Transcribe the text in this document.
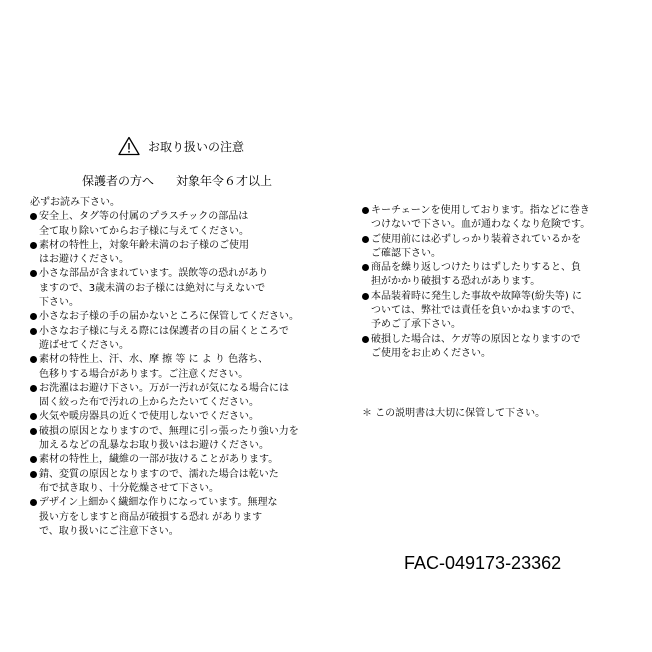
お取り扱いの注意
保護者の方へ 対象年令６才以上
必ずお読み下さい。
安全上、タグ等の付属のプラスチックの部品は
全て取り除いてからお子様に与えてください。
素材の特性上，対象年齢未満のお子様のご使用
はお避けください。
小さな部品が含まれています。誤飲等の恐れがあり
ますので、3歳未満のお子様には絶対に与えないで
下さい。
小さなお子様の手の届かないところに保管してください。
小さなお子様に与える際には保護者の目の届くところで
遊ばせてください。
素材の特性上、汗、水、摩 擦 等 に よ り 色落ち、
色移りする場合があります。ご注意ください。
お洗濯はお避け下さい。万が一汚れが気になる場合には
固く絞った布で汚れの上からたたいてください。
火気や暖房器具の近くで使用しないでください。
破損の原因となりますので、無理に引っ張ったり強い力を
加えるなどの乱暴なお取り扱いはお避けください。
素材の特性上，繊維の一部が抜けることがあります。
錆、変質の原因となりますので、濡れた場合は乾いた
布で拭き取り、十分乾燥させて下さい。
デザイン上細かく繊細な作りになっています。無理な
扱い方をしますと商品が破損する恐れ があります
で、取り扱いにご注意下さい。
キーチェーンを使用しております。指などに巻き
つけないで下さい。血が通わなくなり危険です。
ご使用前には必ずしっかり装着されているかを
ご確認下さい。
商品を繰り返しつけたりはずしたりすると、負
担がかかり破損する恐れがあります。
本品装着時に発生した事故や故障等(紛失等) に
ついては、弊社では責任を負いかねますので、
予めご了承下さい。
破損した場合は、ケガ等の原因となりますので
ご使用をお止めください。
＊ この説明書は大切に保管して下さい。
FAC-049173-23362
